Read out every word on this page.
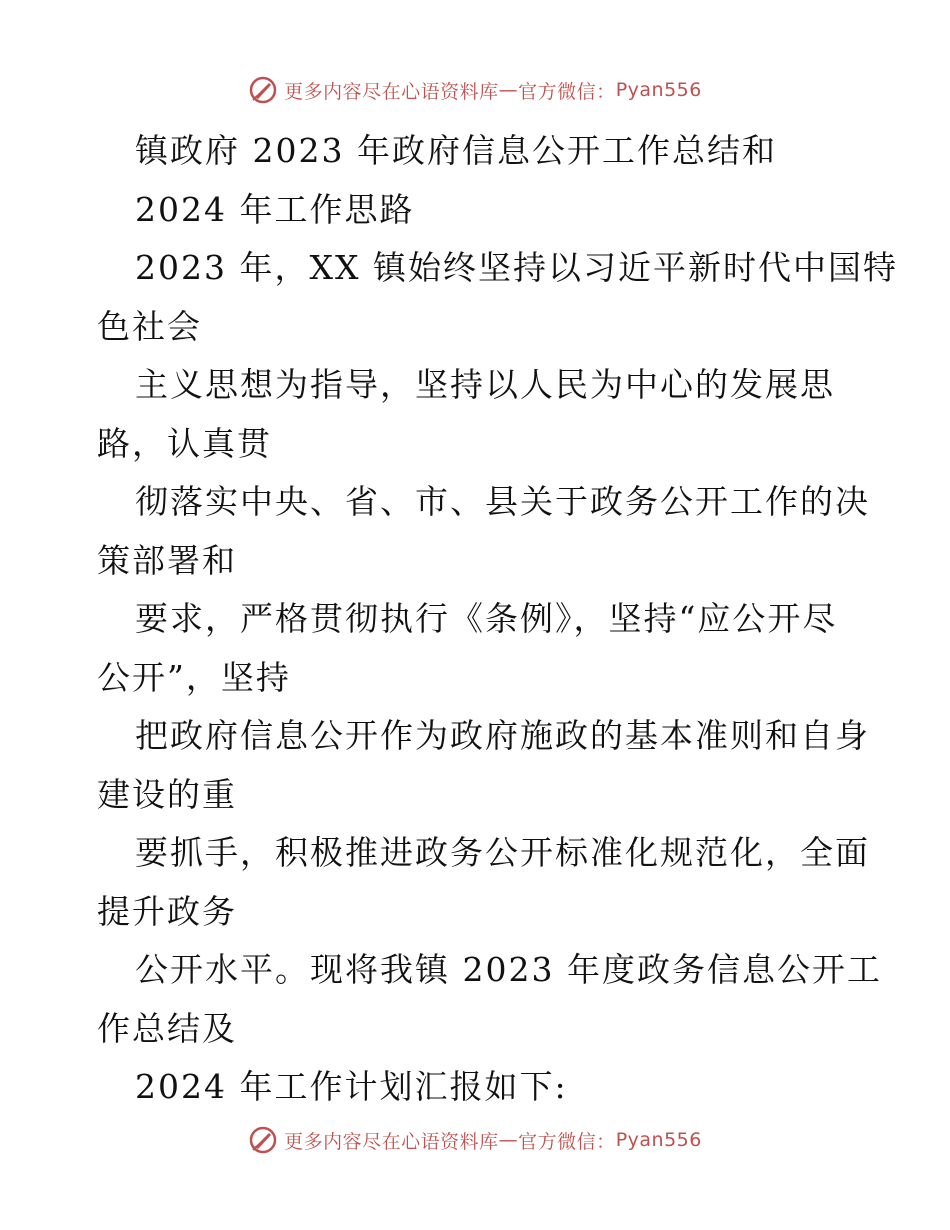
更多内容尽在心语资料库 — 官方微信： Pyan556
镇政府 2023 年政府信息公开工作总结和
2024 年工作思路
2023 年，XX 镇始终坚持以习近平新时代中国特
色社会
主义思想为指导，坚持以人民为中心的发展思
路，认真贯
彻落实中央、省、市、县关于政务公开工作的决
策部署和
要求，严格贯彻执行《条例》，坚持“应公开尽
公开”，坚持
把政府信息公开作为政府施政的基本准则和自身
建设的重
要抓手，积极推进政务公开标准化规范化，全面
提升政务
公开水平。现将我镇 2023 年度政务信息公开工
作总结及
2024 年工作计划汇报如下:
更多内容尽在心语资料库 — 官方微信： Pyan556
